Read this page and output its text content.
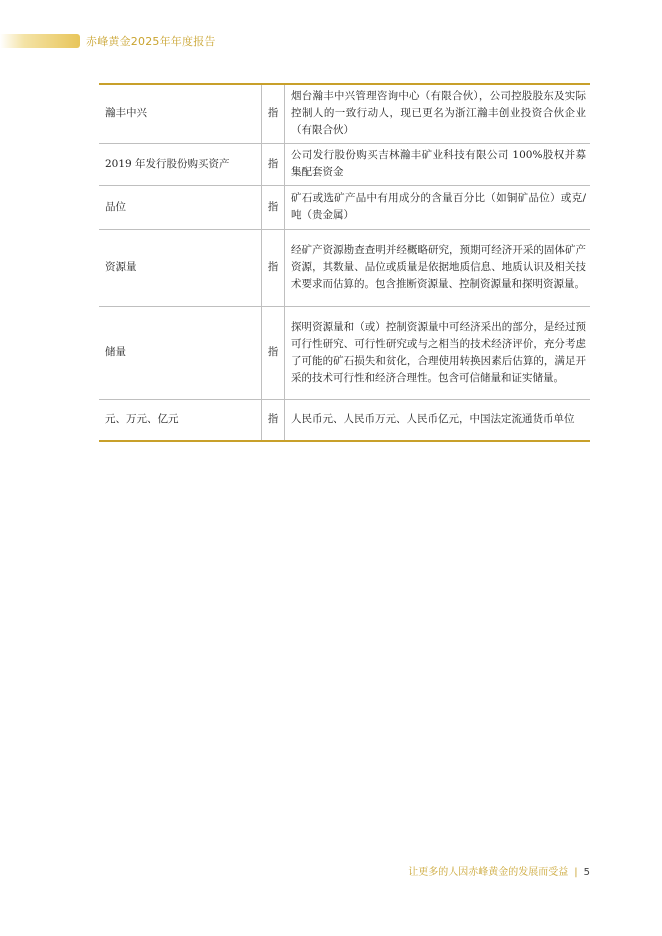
赤峰黄金2025年年度报告
瀚丰中兴	指	烟台瀚丰中兴管理咨询中心（有限合伙），公司控股股东及实际控制人的一致行动人，现已更名为浙江瀚丰创业投资合伙企业（有限合伙）
2019 年发行股份购买资产	指	公司发行股份购买吉林瀚丰矿业科技有限公司 100%股权并募集配套资金
品位	指	矿石或选矿产品中有用成分的含量百分比（如铜矿品位）或克/吨（贵金属）
资源量	指	经矿产资源勘查查明并经概略研究，预期可经济开采的固体矿产资源，其数量、品位或质量是依据地质信息、地质认识及相关技术要求而估算的。包含推断资源量、控制资源量和探明资源量。
储量	指	探明资源量和（或）控制资源量中可经济采出的部分，是经过预可行性研究、可行性研究或与之相当的技术经济评价，充分考虑了可能的矿石损失和贫化，合理使用转换因素后估算的，满足开采的技术可行性和经济合理性。包含可信储量和证实储量。
元、万元、亿元	指	人民币元、人民币万元、人民币亿元，中国法定流通货币单位
让更多的人因赤峰黄金的发展而受益 | 5
